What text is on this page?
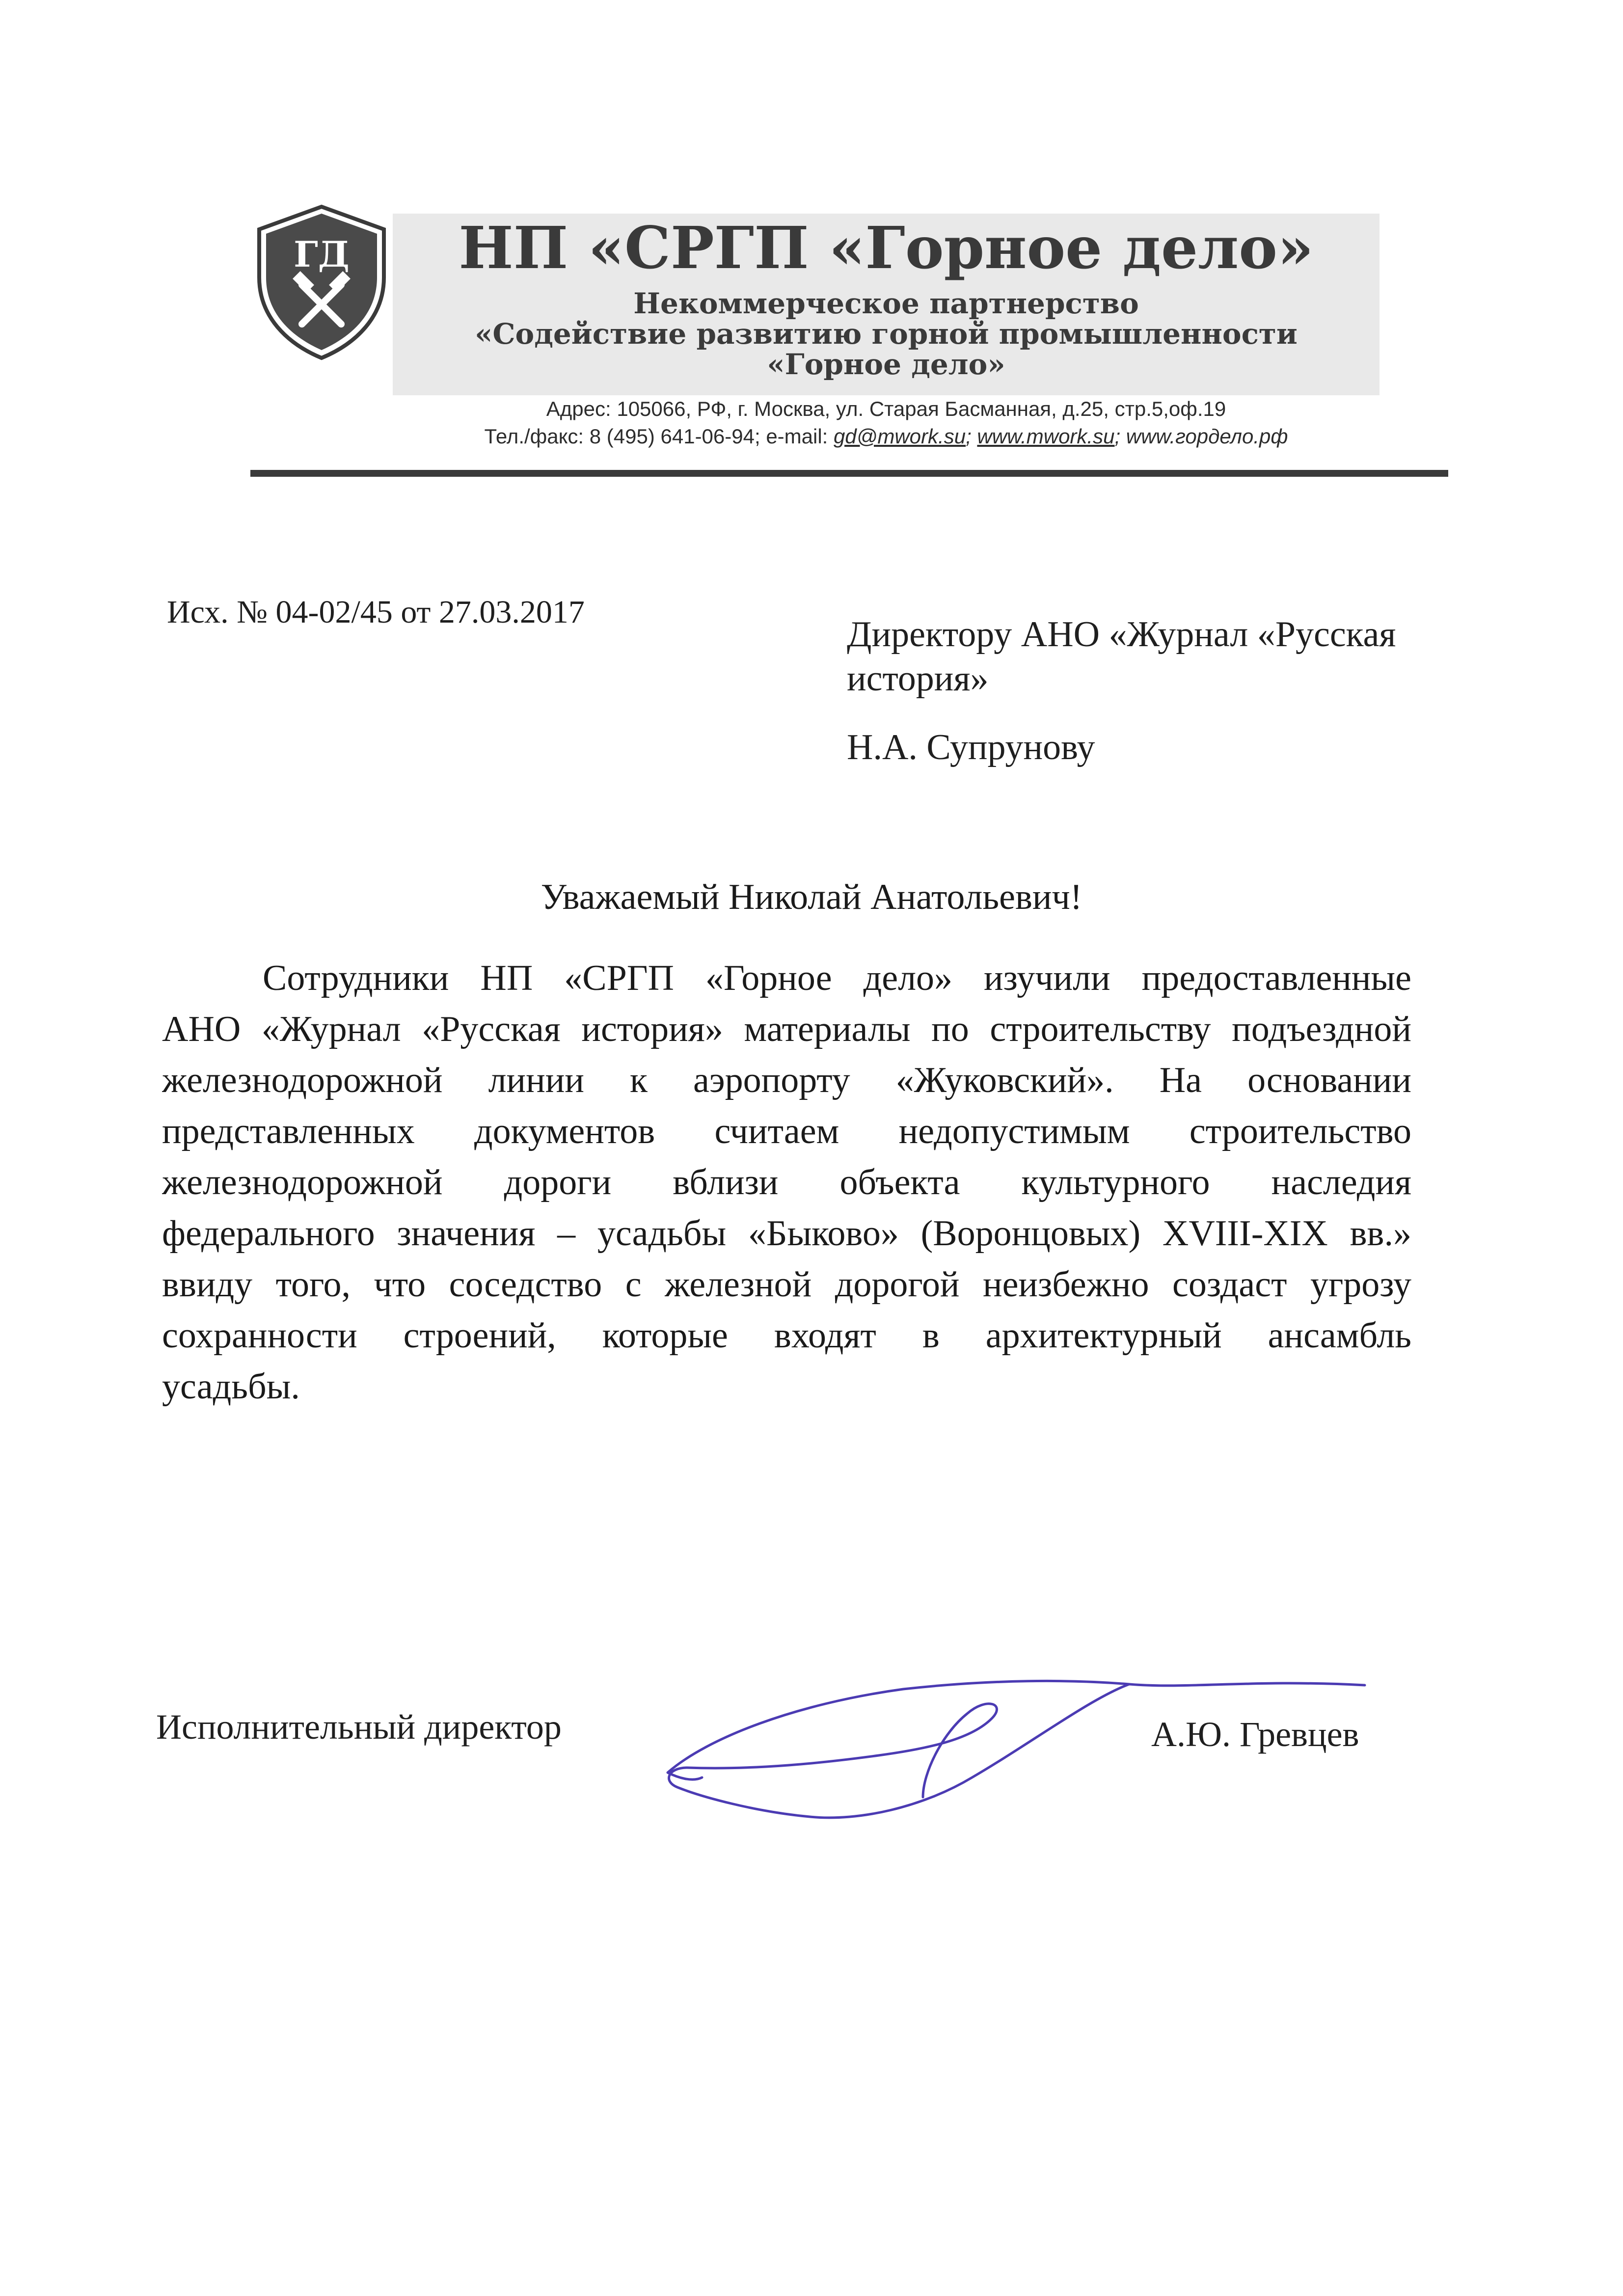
ГД	НП «СРГП «Горное дело»
Некоммерческое партнерство
«Содействие развитию горной промышленности
«Горное дело»
Адрес: 105066, РФ, г. Москва, ул. Старая Басманная, д.25, стр.5,оф.19
Тел./факс: 8 (495) 641-06-94; e-mail: gd@mwork.su; www.mwork.su; www.гордело.рф
Исх. № 04-02/45 от 27.03.2017
Директору АНО «Журнал «Русская
история»
Н.А. Супрунову
Уважаемый Николай Анатольевич!
Сотрудники НП «СРГП «Горное дело» изучили предоставленные
АНО «Журнал «Русская история» материалы по строительству подъездной
железнодорожной линии к аэропорту «Жуковский». На основании
представленных документов считаем недопустимым строительство
железнодорожной дороги вблизи объекта культурного наследия
федерального значения – усадьбы «Быково» (Воронцовых) XVIII-XIX вв.»
ввиду того, что соседство с железной дорогой неизбежно создаст угрозу
сохранности строений, которые входят в архитектурный ансамбль
усадьбы.
Исполнительный директор	А.Ю. Гревцев
